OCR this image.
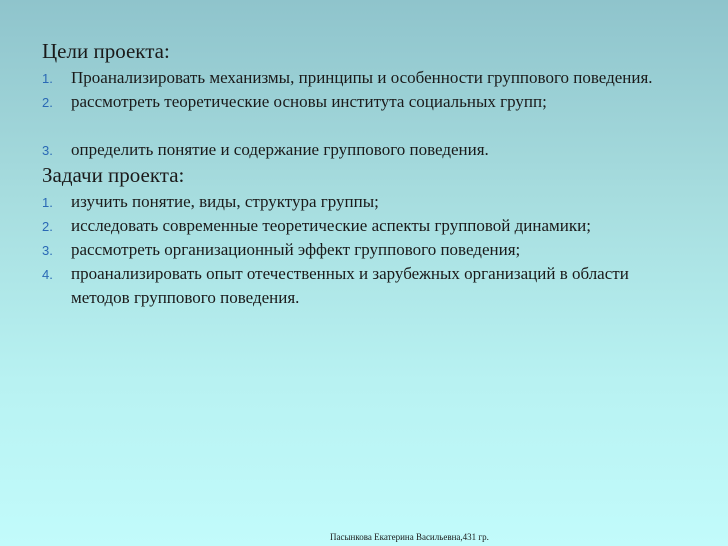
Цели проекта:
1. Проанализировать механизмы, принципы и особенности группового поведения.
2. рассмотреть теоретические основы института социальных групп;
3. определить понятие и содержание группового поведения.
Задачи проекта:
1. изучить понятие, виды, структура группы;
2. исследовать современные теоретические аспекты групповой динамики;
3. рассмотреть организационный эффект группового поведения;
4. проанализировать опыт отечественных и зарубежных организаций в области методов группового поведения.
Пасынкова Екатерина Васильевна,431 гр.
